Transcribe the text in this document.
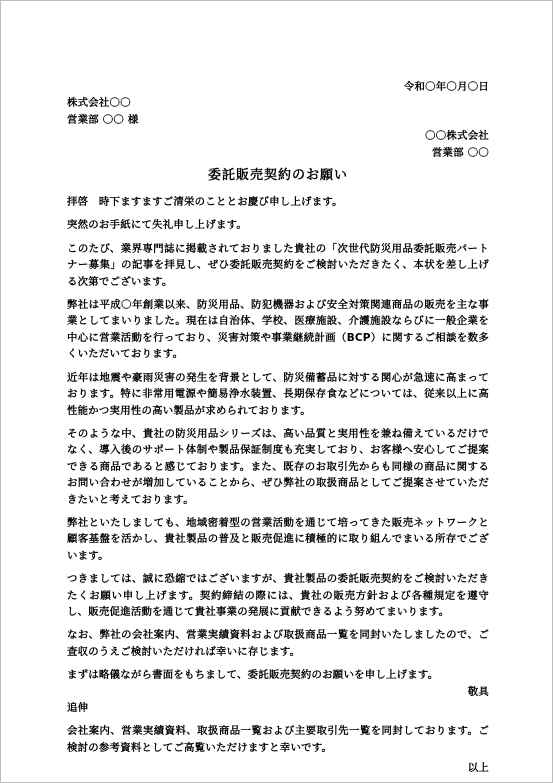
令和〇年〇月〇日
株式会社〇〇
営業部 〇〇 様
〇〇株式会社
営業部 〇〇
委託販売契約のお願い

拝啓　時下ますますご清栄のこととお慶び申し上げます。

突然のお手紙にて失礼申し上げます。

このたび、業界専門誌に掲載されておりました貴社の「次世代防災用品委託販売パートナー募集」の記事を拝見し、ぜひ委託販売契約をご検討いただきたく、本状を差し上げる次第でございます。

弊社は平成〇年創業以来、防災用品、防犯機器および安全対策関連商品の販売を主な事業としてまいりました。現在は自治体、学校、医療施設、介護施設ならびに一般企業を中心に営業活動を行っており、災害対策や事業継続計画（BCP）に関するご相談を数多くいただいております。

近年は地震や豪雨災害の発生を背景として、防災備蓄品に対する関心が急速に高まっております。特に非常用電源や簡易浄水装置、長期保存食などについては、従来以上に高性能かつ実用性の高い製品が求められております。

そのような中、貴社の防災用品シリーズは、高い品質と実用性を兼ね備えているだけでなく、導入後のサポート体制や製品保証制度も充実しており、お客様へ安心してご提案できる商品であると感じております。また、既存のお取引先からも同様の商品に関するお問い合わせが増加していることから、ぜひ弊社の取扱商品としてご提案させていただきたいと考えております。

弊社といたしましても、地域密着型の営業活動を通じて培ってきた販売ネットワークと顧客基盤を活かし、貴社製品の普及と販売促進に積極的に取り組んでまいる所存でございます。

つきましては、誠に恐縮ではございますが、貴社製品の委託販売契約をご検討いただきたくお願い申し上げます。契約締結の際には、貴社の販売方針および各種規定を遵守し、販売促進活動を通じて貴社事業の発展に貢献できるよう努めてまいります。

なお、弊社の会社案内、営業実績資料および取扱商品一覧を同封いたしましたので、ご査収のうえご検討いただければ幸いに存じます。

まずは略儀ながら書面をもちまして、委託販売契約のお願いを申し上げます。

敬具
追伸

会社案内、営業実績資料、取扱商品一覧および主要取引先一覧を同封しております。ご検討の参考資料としてご高覧いただけますと幸いです。

以上
